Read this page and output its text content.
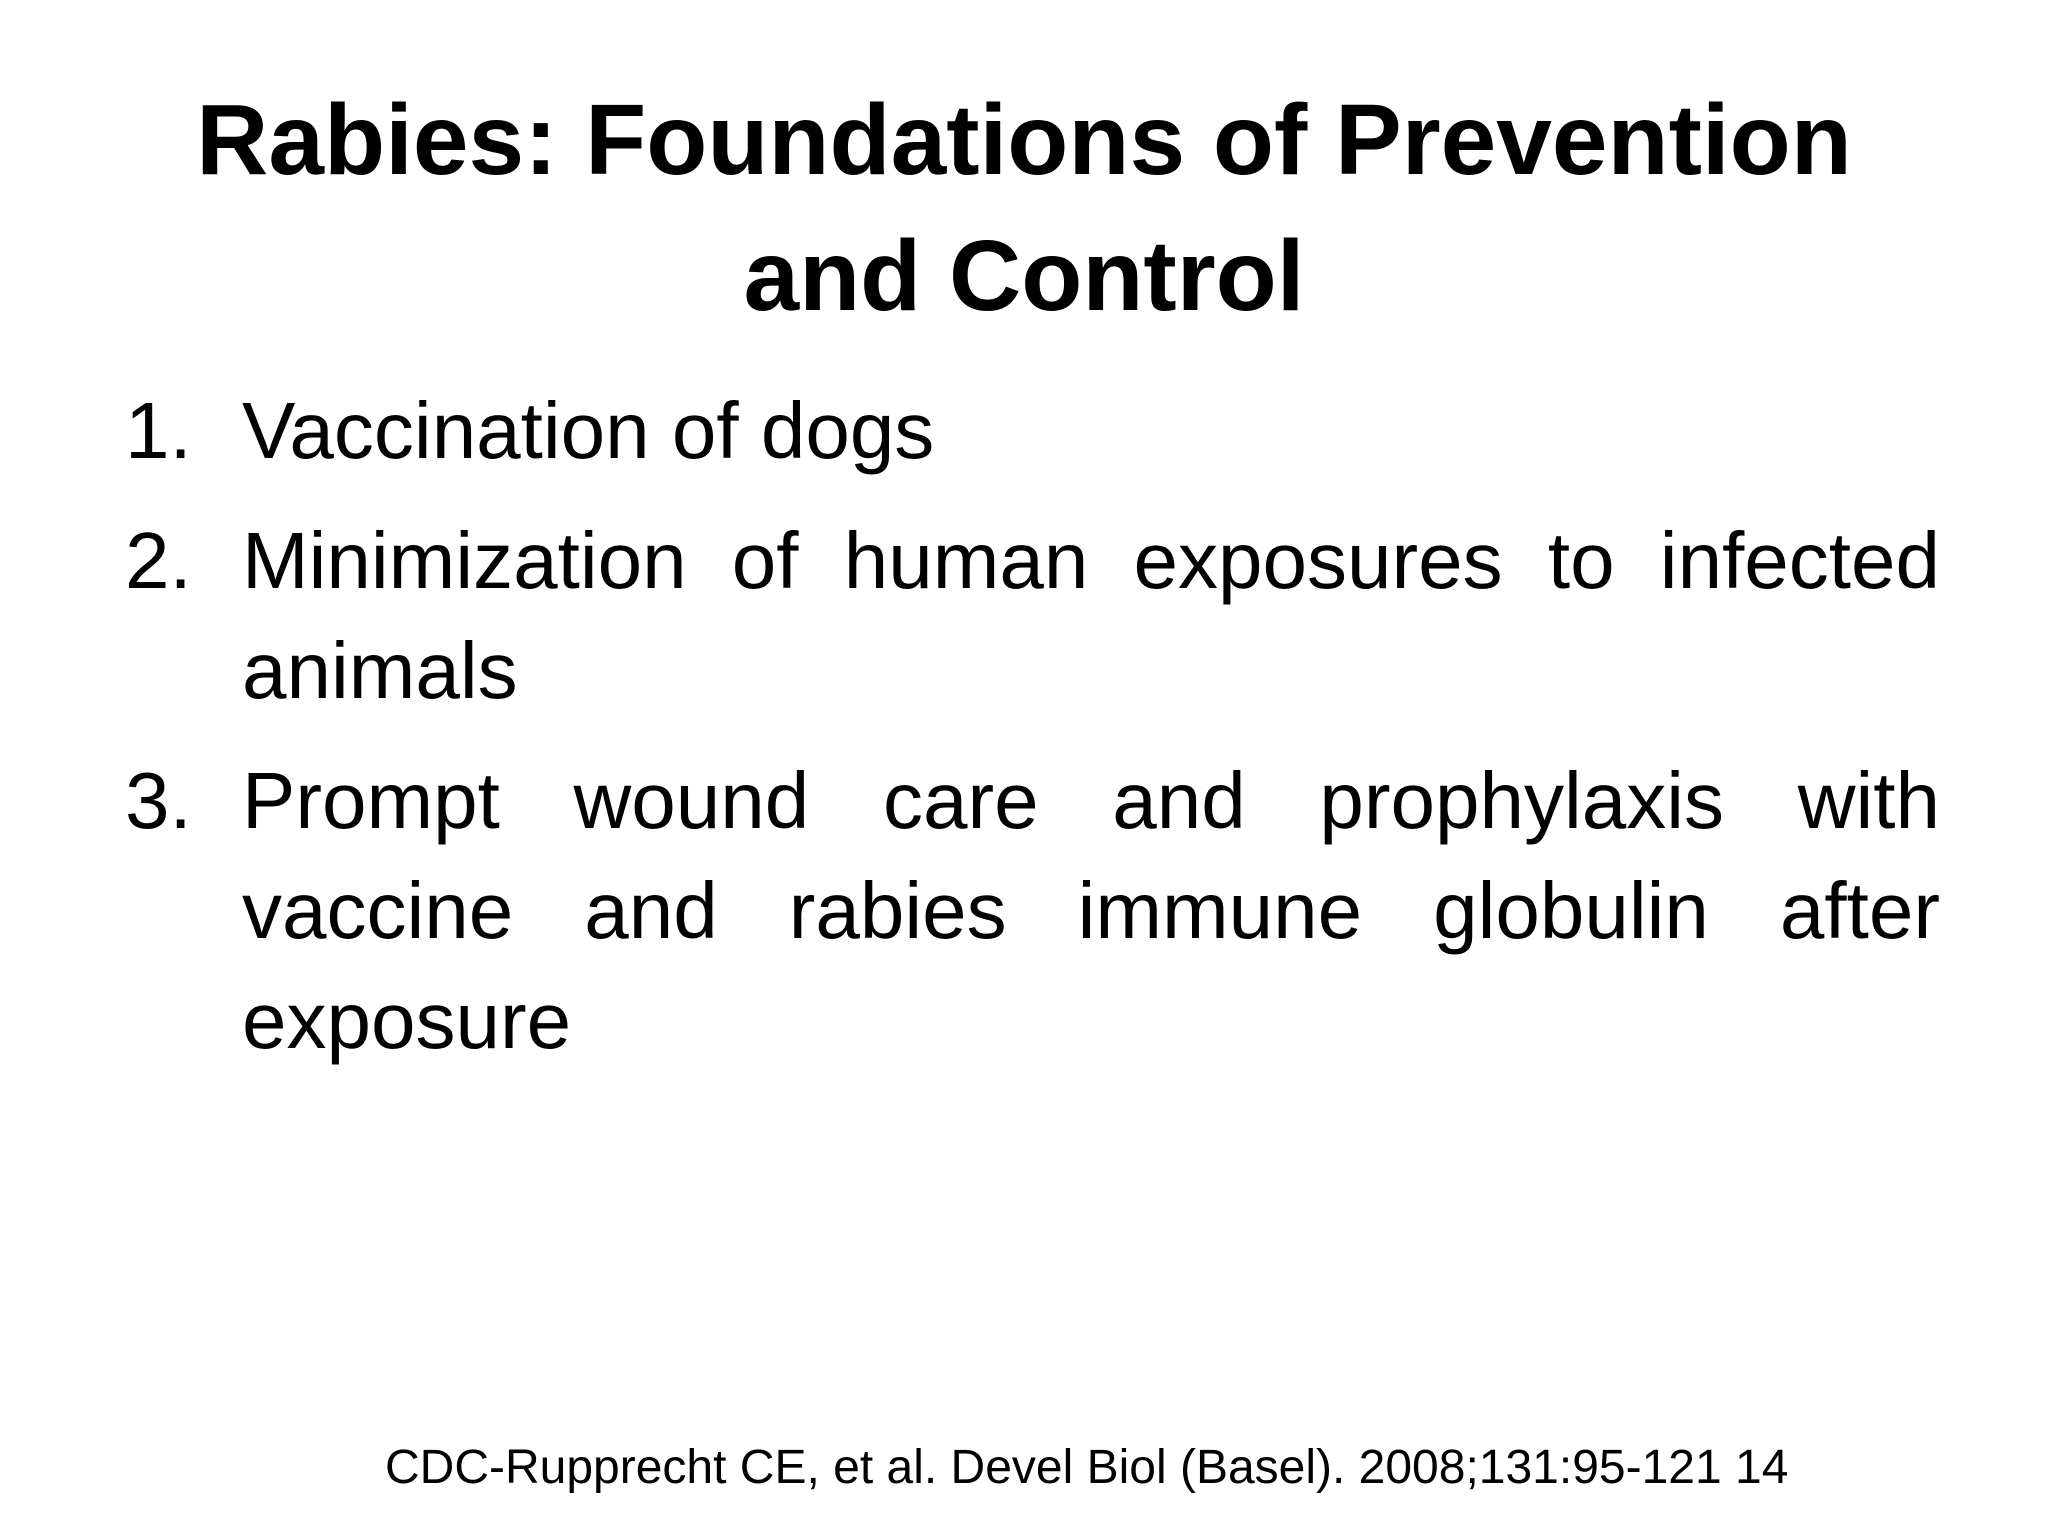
Rabies: Foundations of Prevention and Control
1. Vaccination of dogs
2. Minimization of human exposures to infected animals
3. Prompt wound care and prophylaxis with vaccine and rabies immune globulin after exposure
CDC-Rupprecht CE, et al. Devel Biol (Basel). 2008;131:95-121 14
